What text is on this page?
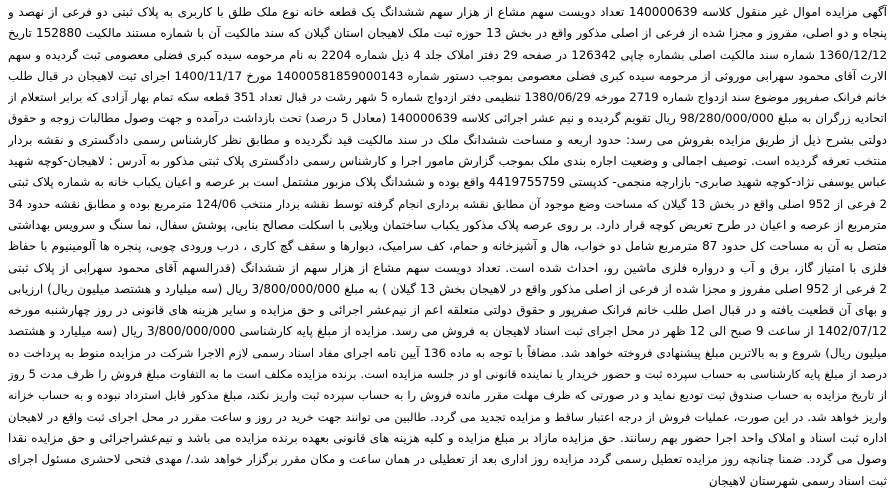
آگهی مزایده اموال غیر منقول کلاسه 140000639 تعداد دویست سهم مشاع از هزار سهم ششدانگ یک قطعه خانه نوع ملک طلق با کاربری به پلاک ثبتی دو فرعی از نهصد و
پنجاه و دو اصلی، مفروز و مجزا شده از فرعی از اصلی مذکور واقع در بخش 13 حوزه ثبت ملک لاهیجان استان گیلان که سند مالکیت آن با شماره مستند مالکیت 152880 تاریخ
1360/12/12 شماره سند مالکیت اصلی بشماره چاپی 126342 در صفحه 29 دفتر املاک جلد 4 ذیل شماره 2204 به نام مرحومه سیده کبری فضلی معصومی ثبت گردیده و سهم
الارث آقای محمود سهرابی موروثی از مرحومه سیده کبری فضلی معصومی بموجب دستور شماره 14000581859000143 مورخ 1400/11/17 اجرای ثبت لاهیجان در قبال طلب
خانم فرانک صفرپور موضوع سند ازدواج شماره 2719 مورخه 1380/06/29 تنظیمی دفتر ازدواج شماره 5 شهر رشت در قبال تعداد 351 قطعه سکه تمام بهار آزادی که برابر استعلام از
اتحادیه زرگران به مبلغ 98/280/000/000 ریال تقویم گردیده و نیم عشر اجرائی کلاسه 140000639 (معادل 5 درصد) تحت بازداشت درآمده و جهت وصول مطالبات زوجه و حقوق
دولتی بشرح ذیل از طریق مزایده بفروش می رسد: حدود اربعه و مساحت ششدانگ ملک در سند مالکیت قید نگردیده و مطابق نظر کارشناس رسمی دادگستری و نقشه بردار
منتخب تعرفه گردیده است. توصیف اجمالی و وضعیت اجاره بندی ملک بموجب گزارش مامور اجرا و کارشناس رسمی دادگستری پلاک ثبتی مذکور به آدرس : لاهیجان-کوچه شهید
عباس یوسفی نژاد-کوچه شهید صابری- بازارچه منجمی- کدپستی 4419755759 واقع بوده و ششدانگ پلاک مزبور مشتمل است بر عرصه و اعیان یکباب خانه به شماره پلاک ثبتی
2 فرعی از 952 اصلی واقع در بخش 13 گیلان که مساحت وضع موجود آن مطابق نقشه برداری انجام گرفته توسط نقشه بردار منتخب 124/06 مترمربع بوده و مطابق نقشه حدود 34
مترمربع از عرصه و اعیان در طرح تعریض کوچه قرار دارد. بر روی عرصه پلاک مذکور یکباب ساختمان ویلایی با اسکلت مصالح بنایی، پوشش سفال، نما سنگ و سرویس بهداشتی
متصل به آن به مساحت کل حدود 87 مترمربع شامل دو خواب، هال و آشپزخانه و حمام، کف سرامیک، دیوارها و سقف گچ کاری ، درب ورودی چوبی، پنجره ها آلومینیوم با حفاظ
فلزی با امتیاز گاز، برق و آب و درواره فلزی ماشین رو، احداث شده است. تعداد دویست سهم مشاع از هزار سهم از ششدانگ (قدرالسهم آقای محمود سهرابی از پلاک ثبتی
2 فرعی از 952 اصلی مفروز و مجزا شده از فرعی از اصلی مذکور واقع در لاهیجان بخش 13 گیلان ) به مبلغ 3/800/000/000 ریال (سه میلیارد و هشتصد میلیون ریال) ارزیابی
و بهای آن قطعیت یافته و در قبال اصل طلب خانم فرانک صفرپور و حقوق دولتی متعلقه اعم از نیم‌عشر اجرائی و حق مزایده و سایر هزینه های قانونی در روز چهارشنبه مورخه
1402/07/12 از ساعت 9 صبح الی 12 ظهر در محل اجرای ثبت اسناد لاهیجان به فروش می رسد. مزایده از مبلغ پایه کارشناسی 3/800/000/000 ریال (سه میلیارد و هشتصد
میلیون ریال) شروع و به بالاترین مبلغ پیشنهادی فروخته خواهد شد. مضافاً با توجه به ماده 136 آیین نامه اجرای مفاد اسناد رسمی لازم الاجرا شرکت در مزایده منوط به پرداخت ده
درصد از مبلغ پایه کارشناسی به حساب سپرده ثبت و حضور خریدار یا نماینده قانونی او در جلسه مزایده است. برنده مزایده مکلف است ما به التفاوت مبلغ فروش را ظرف مدت 5 روز
از تاریخ مزایده به حساب صندوق ثبت تودیع نماید و در صورتی که ظرف مهلت مقرر مانده فروش را به حساب سپرده ثبت واریز نکند، مبلغ مذکور قابل استرداد نبوده و به حساب خزانه
واریز خواهد شد. در این صورت، عملیات فروش از درجه اعتبار ساقط و مزایده تجدید می گردد. طالبین می توانند جهت خرید در روز و ساعت مقرر در محل اجرای ثبت واقع در لاهیجان
اداره ثبت اسناد و املاک واحد اجرا حضور بهم رسانند. حق مزایده مازاد بر مبلغ مزایده و کلیه هزینه های قانونی بعهده برنده مزایده می باشد و نیم‌عشر‌اجرائی و حق مزایده نقدا
وصول می گردد. ضمنا چنانچه روز مزایده تعطیل رسمی گردد مزایده روز اداری بعد از تعطیلی در همان ساعت و مکان مقرر برگزار خواهد شد./ مهدی فتحی لاحشری مسئول اجرای
ثبت اسناد رسمی شهرستان لاهیجان
